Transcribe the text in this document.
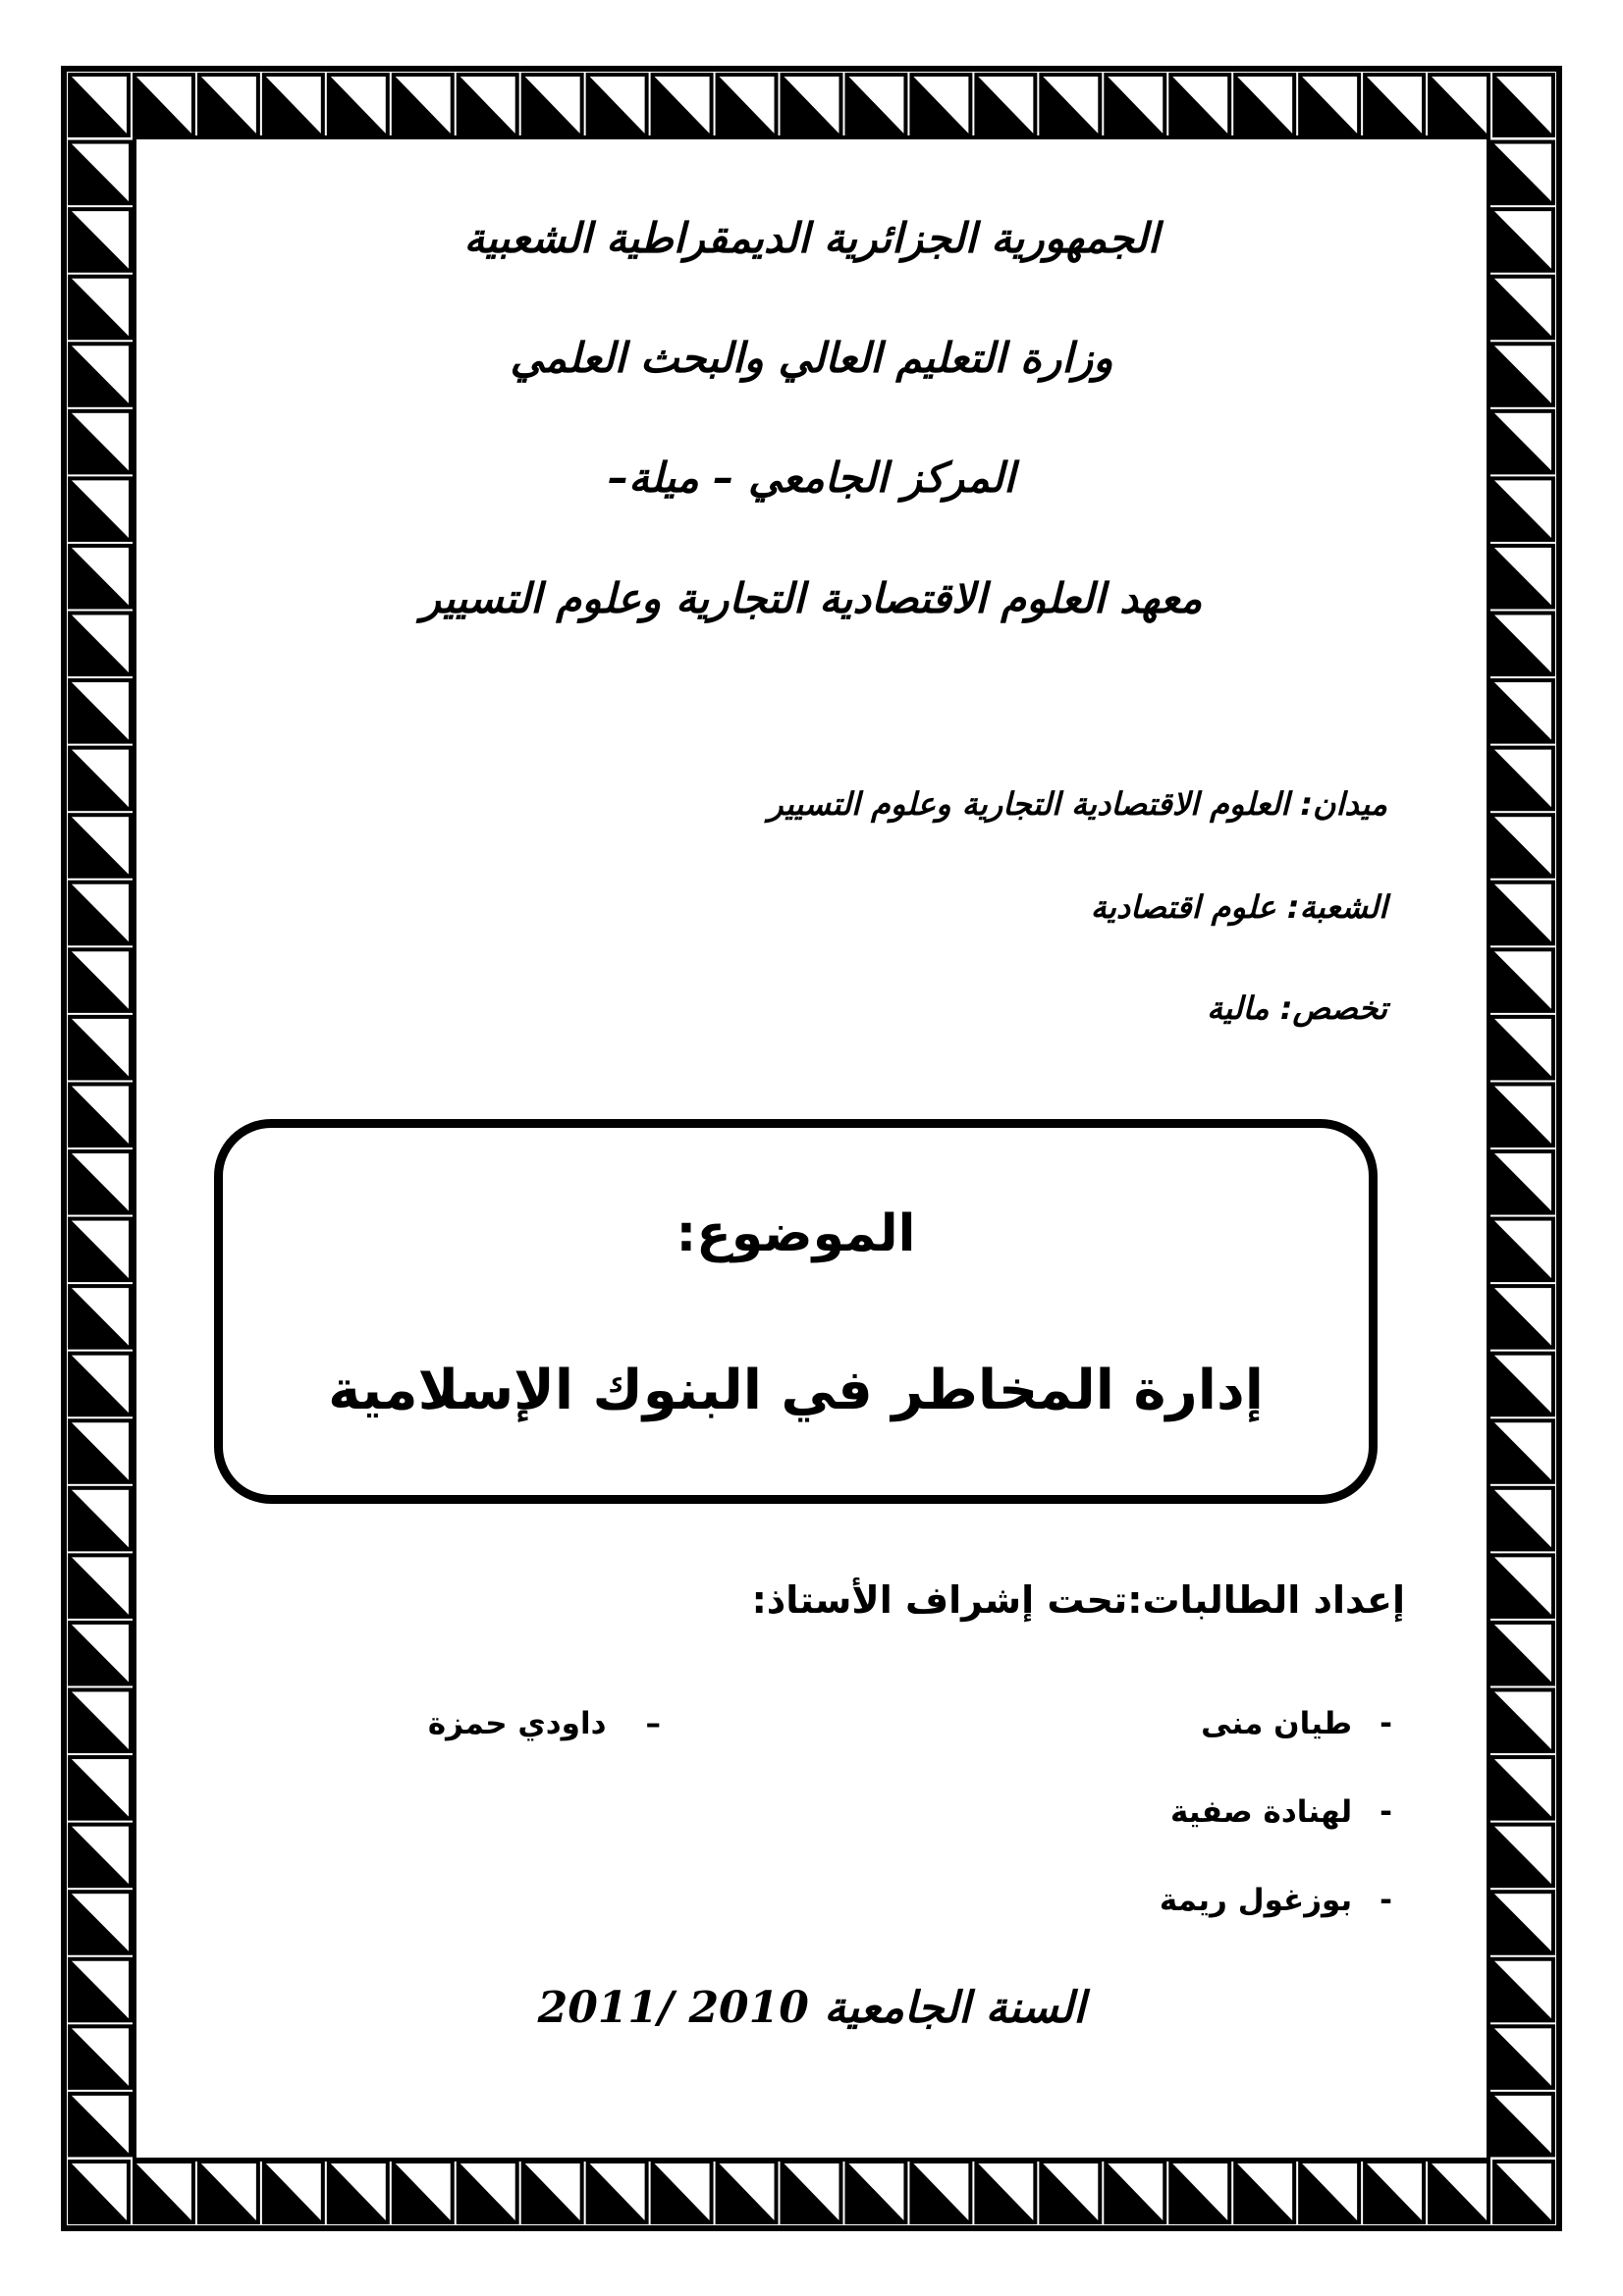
الجمهورية الجزائرية الديمقراطية الشعبية
وزارة التعليم العالي والبحث العلمي
المركز الجامعي – ميلة–
معهد العلوم الاقتصادية التجارية وعلوم التسيير
ميدان: العلوم الاقتصادية التجارية وعلوم التسيير
الشعبة: علوم اقتصادية
تخصص: مالية
الموضوع:
إدارة المخاطر في البنوك الإسلامية
إعداد الطالبات:تحت إشراف الأستاذ:
-طيان منى
-لهنادة صفية
-بوزغول ريمة
–داودي حمزة
السنة الجامعية 2010 /2011
